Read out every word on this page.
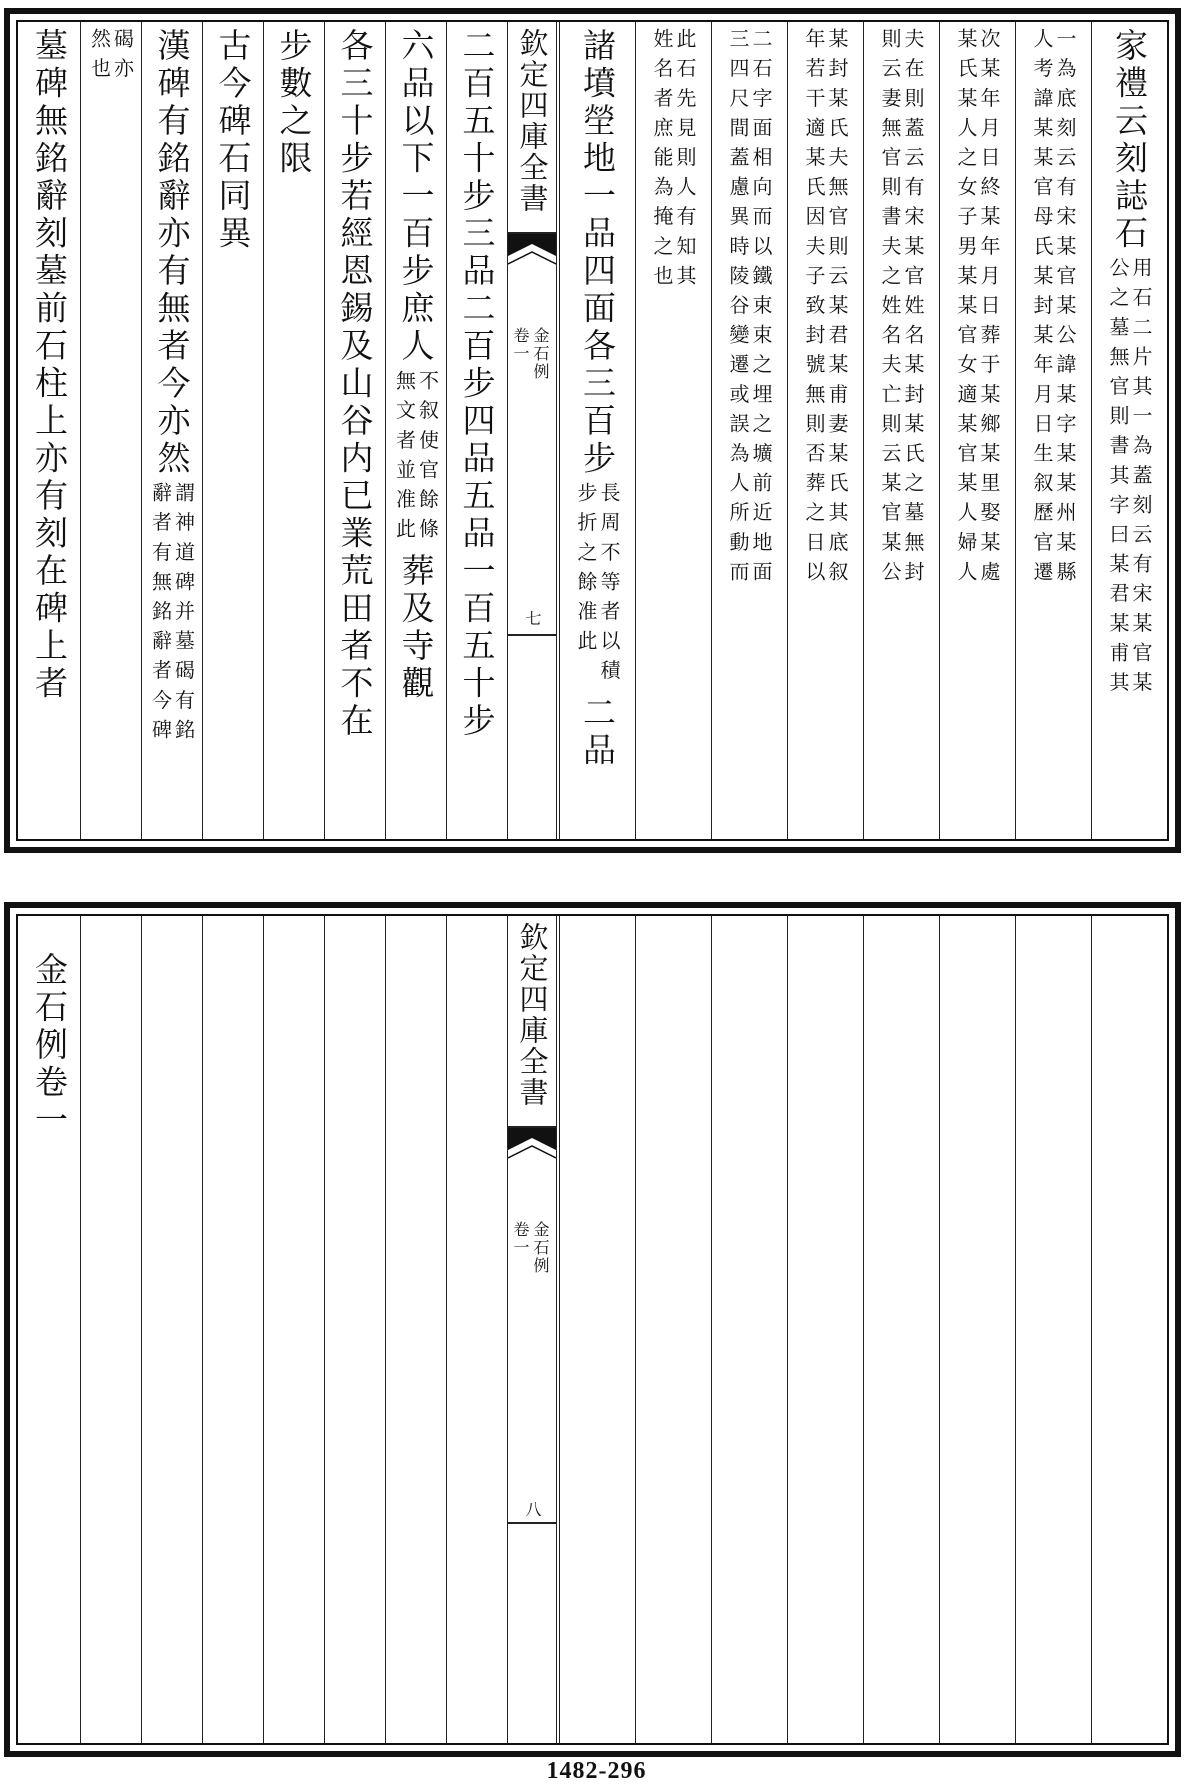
欽定四庫全書
金石例
卷一
七
家禮云刻誌石
用石二片其一為蓋刻云有宋某官某
公之墓無官則書其字曰某君某甫其
一為底刻云有宋某官某公諱某字某某州某縣
人考諱某某官母氏某封某年月日生叙歷官遷
次某年月日終某年月日葬于某鄉某里娶某處
某氏某人之女子男某某官女適某官某人婦人
夫在則蓋云有宋某官姓名某封某氏之墓無封
則云妻無官則書夫之姓名夫亡則云某官某公
某封某氏夫無官則云某君某甫妻某氏其底叙
年若干適某氏因夫子致封號無則否葬之日以
二石字面相向而以鐵束束之埋之壙前近地面
三四尺間蓋慮異時陵谷變遷或誤為人所動而
此石先見則人有知其
姓名者庶能為掩之也
諸墳塋地一品四面各三百步
長周不等者以積
步折之餘准此
二品
二百五十步三品二百步四品五品一百五十步
六品以下一百步庶人
不叙使官餘條
無文者並准此
葬及寺觀
各三十步若經恩錫及山谷内已業荒田者不在
步數之限
古今碑石同異
漢碑有銘辭亦有無者今亦然
謂神道碑并墓碣有銘
辭者有無銘辭者今碑
碣亦
然也
墓碑無銘辭刻墓前石柱上亦有刻在碑上者
欽定四庫全書
金石例
卷一
八
金石例卷一
1482-296
